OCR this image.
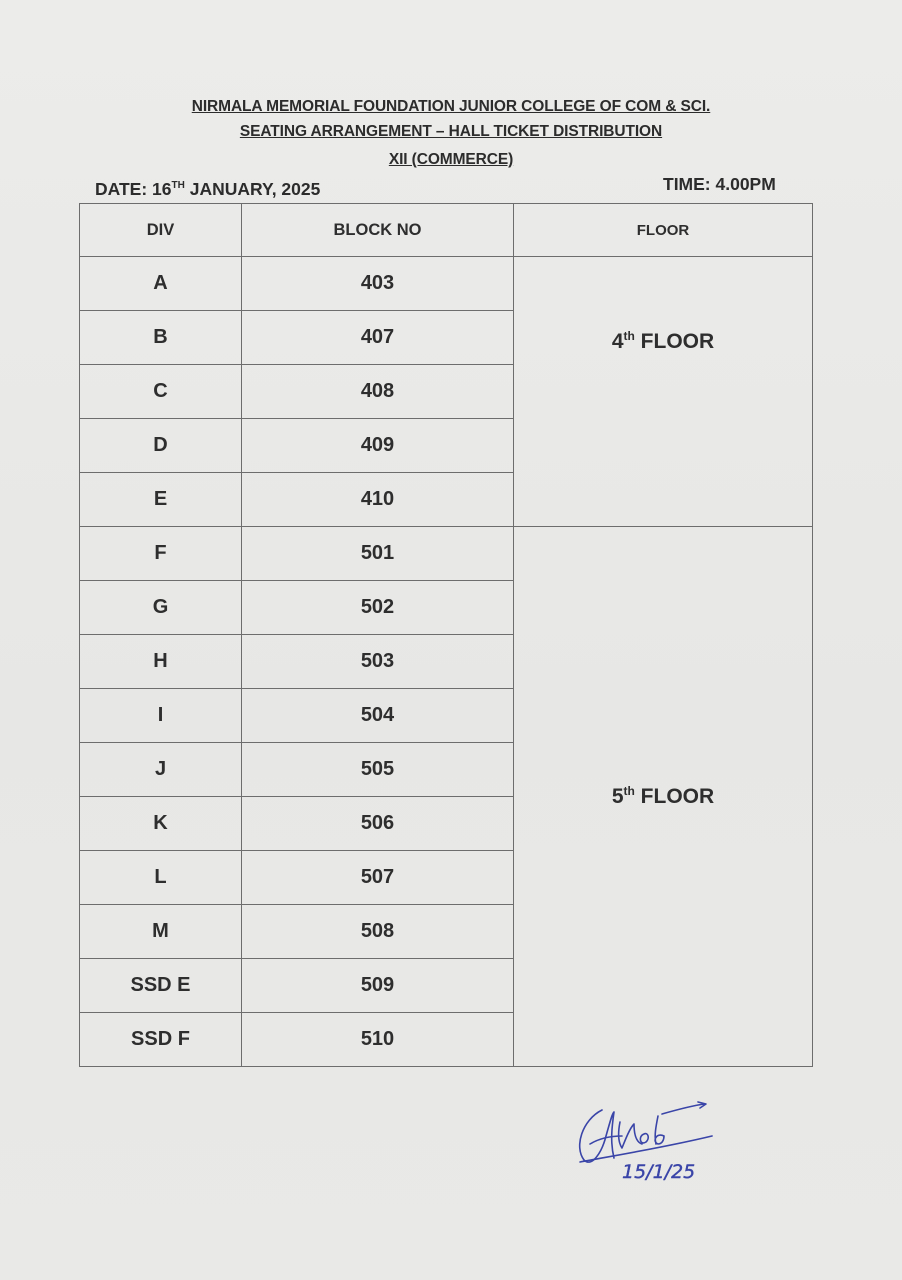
NIRMALA MEMORIAL FOUNDATION JUNIOR COLLEGE OF COM & SCI.
SEATING ARRANGEMENT – HALL TICKET DISTRIBUTION
XII (COMMERCE)
DATE: 16TH JANUARY, 2025	TIME: 4.00PM
DIV	BLOCK NO	FLOOR
A	403	4th FLOOR

B	407	
C	408	
D	409	
E	410	
F	501	5th FLOOR

G	502	
H	503	
I	504	
J	505	
K	506	
L	507	
M	508	
SSD E	509	
SSD F	510	
15/1/25
